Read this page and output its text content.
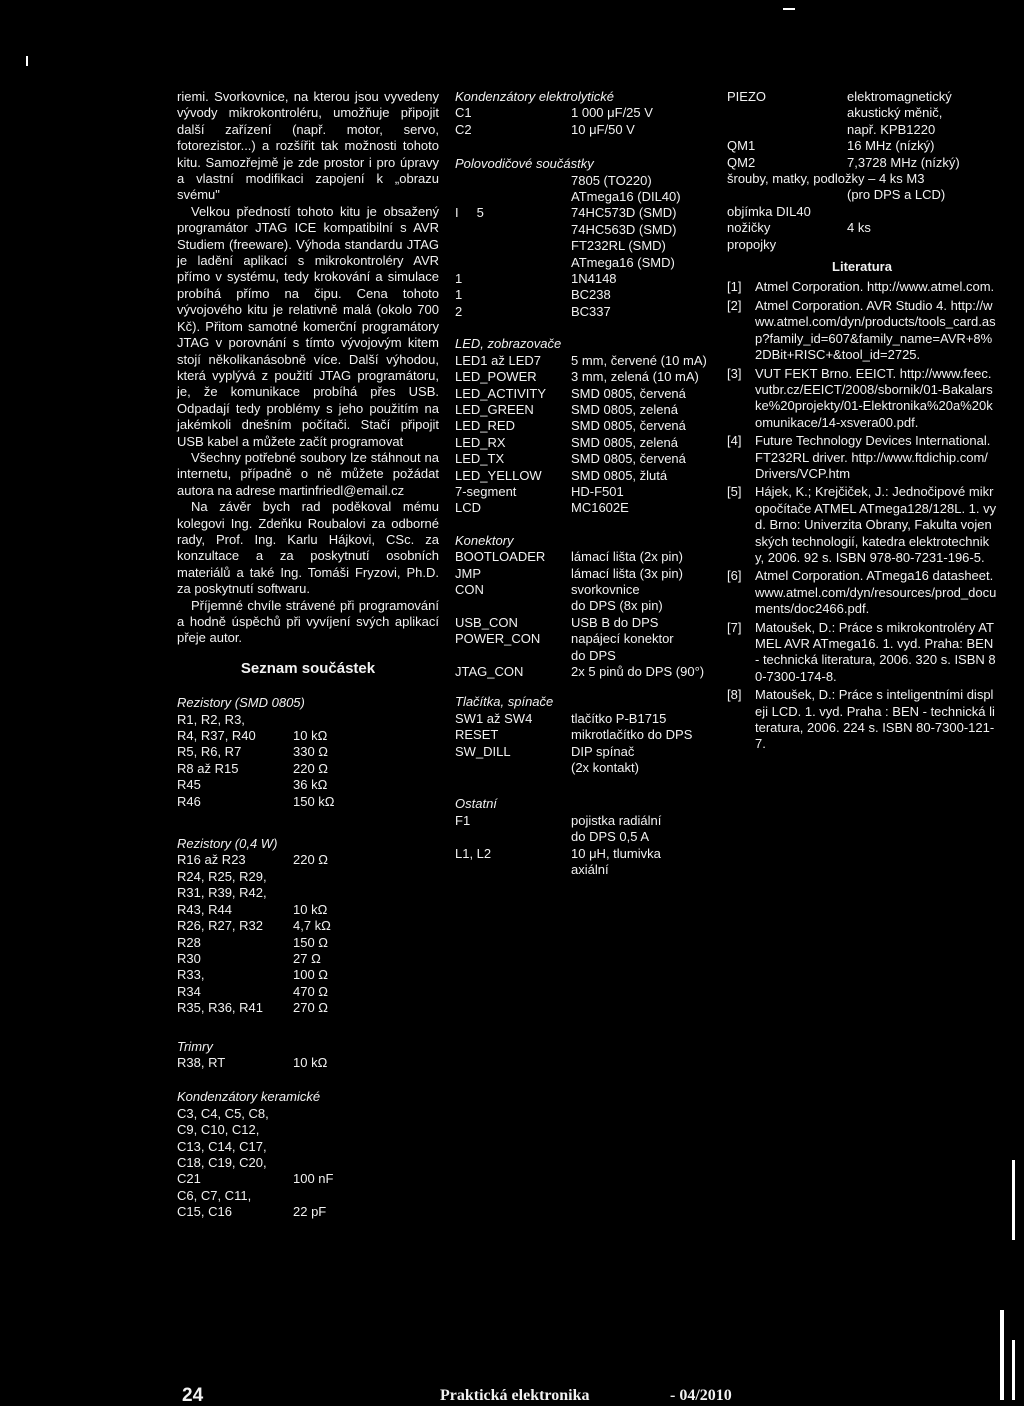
riemi. Svorkovnice, na kterou jsou vyvedeny vývody mikrokontroléru, umožňuje připojit další zařízení (např. motor, servo, fotorezistor...) a rozšířit tak možnosti tohoto kitu. Samozřejmě je zde prostor i pro úpravy a vlastní modifikaci zapojení k „obrazu svému"

Velkou předností tohoto kitu je obsažený programátor JTAG ICE kompatibilní s AVR Studiem (freeware). Výhoda standardu JTAG je ladění aplikací s mikrokontroléry AVR přímo v systému, tedy krokování a simulace probíhá přímo na čipu. Cena tohoto vývojového kitu je relativně malá (okolo 700 Kč). Přitom samotné komerční programátory JTAG v porovnání s tímto vývojovým kitem stojí několikanásobně více. Další výhodou, která vyplývá z použití JTAG programátoru, je, že komunikace probíhá přes USB. Odpadají tedy problémy s jeho použitím na jakémkoli dnešním počítači. Stačí připojit USB kabel a můžete začít programovat

Všechny potřebné soubory lze stáhnout na internetu, případně o ně můžete požádat autora na adrese martinfriedl@email.cz

Na závěr bych rad poděkoval mému kolegovi Ing. Zdeňku Roubalovi za odborné rady, Prof. Ing. Karlu Hájkovi, CSc. za konzultace a za poskytnutí osobních materiálů a také Ing. Tomáši Fryzovi, Ph.D. za poskytnutí softwaru.

Příjemné chvíle strávené při programování a hodně úspěchů při vyvíjení svých aplikací přeje autor.

Seznam součástek
Rezistory (SMD 0805)
R1, R2, R3,
R4, R37, R40	10 kΩ
R5, R6, R7	330 Ω
R8 až R15	220 Ω
R45	36 kΩ
R46	150 kΩ
Rezistory (0,4 W)
R16 až R23	220 Ω
R24, R25, R29,
R31, R39, R42,
R43, R44	10 kΩ
R26, R27, R32	4,7 kΩ
R28	150 Ω
R30	27 Ω
R33,	100 Ω
R34	470 Ω
R35, R36, R41	270 Ω
Trimry
R38, RT	10 kΩ
Kondenzátory keramické
C3, C4, C5, C8,
C9, C10, C12,
C13, C14, C17,
C18, C19, C20,
C21	100 nF
C6, C7, C11,
C15, C16	22 pF
Kondenzátory elektrolytické
C1	1 000 μF/25 V
C2	10 μF/50 V
Polovodičové součástky
7805 (TO220)
ATmega16 (DIL40)
I     5	74HC573D (SMD)
74HC563D (SMD)
FT232RL (SMD)
ATmega16 (SMD)
1	1N4148
1	BC238
2	BC337
LED, zobrazovače
LED1 až LED7	5 mm, červené (10 mA)
LED_POWER	3 mm, zelená (10 mA)
LED_ACTIVITY	SMD 0805, červená
LED_GREEN	SMD 0805, zelená
LED_RED	SMD 0805, červená
LED_RX	SMD 0805, zelená
LED_TX	SMD 0805, červená
LED_YELLOW	SMD 0805, žlutá
7-segment	HD-F501
LCD	MC1602E
Konektory
BOOTLOADER	lámací lišta (2x pin)
JMP	lámací lišta (3x pin)
CON	svorkovnice
do DPS (8x pin)
USB_CON	USB B do DPS
POWER_CON	napájecí konektor
do DPS
JTAG_CON	2x 5 pinů do DPS (90°)
Tlačítka, spínače
SW1 až SW4	tlačítko P-B1715
RESET	mikrotlačítko do DPS
SW_DILL	DIP spínač
(2x kontakt)
Ostatní
F1	pojistka radiální
do DPS 0,5 A
L1, L2	10 μH, tlumivka
axiální
PIEZO	elektromagnetický
akustický měnič,
např. KPB1220
QM1	16 MHz (nízký)
QM2	7,3728 MHz (nízký)
šrouby, matky, podložky – 4 ks M3
(pro DPS a LCD)
objímka DIL40
nožičky	4 ks
propojky
Literatura
[1]	Atmel Corporation. http://www.atmel.com.
[2]	Atmel Corporation. AVR Studio 4. http://www.atmel.com/dyn/products/tools_card.asp?family_id=607&family_name=AVR+8%2DBit+RISC+&tool_id=2725.
[3]	VUT FEKT Brno. EEICT. http://www.feec.vutbr.cz/EEICT/2008/sbornik/01-Bakalarske%20projekty/01-Elektronika%20a%20komunikace/14-xsvera00.pdf.
[4]	Future Technology Devices International. FT232RL driver. http://www.ftdichip.com/Drivers/VCP.htm
[5]	Hájek, K.; Krejčiček, J.: Jednočipové mikropočítače ATMEL ATmega128/128L. 1. vyd. Brno: Univerzita Obrany, Fakulta vojenských technologií, katedra elektrotechniky, 2006. 92 s. ISBN 978-80-7231-196-5.
[6]	Atmel Corporation. ATmega16 datasheet. www.atmel.com/dyn/resources/prod_documents/doc2466.pdf.
[7]	Matoušek, D.: Práce s mikrokontroléry ATMEL AVR ATmega16. 1. vyd. Praha: BEN - technická literatura, 2006. 320 s. ISBN 80-7300-174-8.
[8]	Matoušek, D.: Práce s inteligentními displeji LCD. 1. vyd. Praha : BEN - technická literatura, 2006. 224 s. ISBN 80-7300-121-7.
24	Praktická elektronika	- 04/2010
